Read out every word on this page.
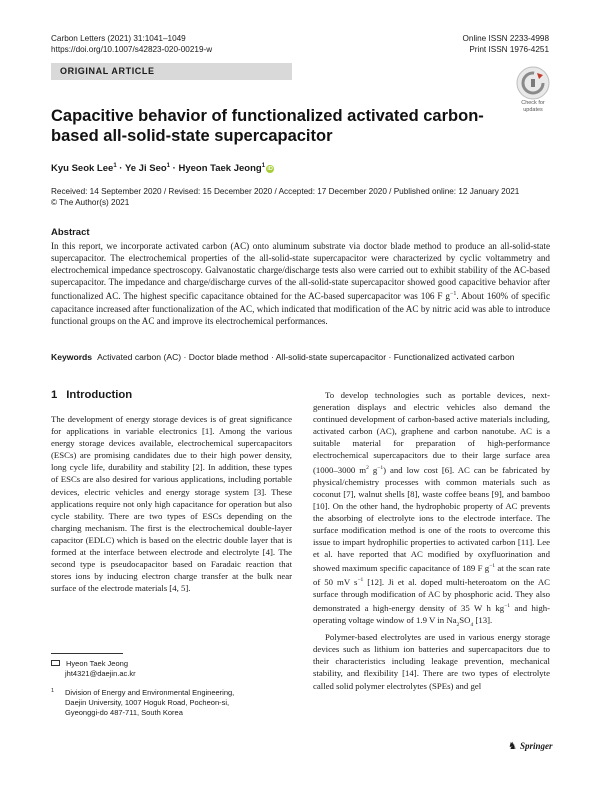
Carbon Letters (2021) 31:1041–1049
https://doi.org/10.1007/s42823-020-00219-w
Online ISSN 2233-4998
Print ISSN 1976-4251
ORIGINAL ARTICLE
Check for
updates
Capacitive behavior of functionalized activated carbon-based all-solid-state supercapacitor
Kyu Seok Lee$^1$ · Ye Ji Seo$^1$ · Hyeon Taek Jeong$^1$iD
Received: 14 September 2020 / Revised: 15 December 2020 / Accepted: 17 December 2020 / Published online: 12 January 2021
© The Author(s) 2021
Abstract

In this report, we incorporate activated carbon (AC) onto aluminum substrate via doctor blade method to produce an all-solid-state supercapacitor. The electrochemical properties of the all-solid-state supercapacitor were characterized by cyclic voltammetry and electrochemical impedance spectroscopy. Galvanostatic charge/discharge tests also were carried out to exhibit stability of the AC-based supercapacitor. The impedance and charge/discharge curves of the all-solid-state supercapacitor showed good capacitive behavior after functionalized AC. The highest specific capacitance obtained for the AC-based supercapacitor was 106 F $g^{-1}$. About 160% of specific capacitance increased after functionalization of the AC, which indicated that modification of the AC by nitric acid was able to introduce functional groups on the AC and improve its electrochemical performances.

Keywords Activated carbon (AC) · Doctor blade method · All-solid-state supercapacitor · Functionalized activated carbon
1 Introduction

The development of energy storage devices is of great significance for applications in variable electronics [1]. Among the various energy storage devices available, electrochemical supercapacitors (ESCs) are promising candidates due to their high power density, long cycle life, durability and stability [2]. In addition, these types of ESCs are also desired for various applications, including portable devices, electric vehicles and energy storage system [3]. These applications require not only high capacitance for operation but also cycle stability. There are two types of ESCs depending on the charging mechanism. The first is the electrochemical double-layer capacitor (EDLC) which is based on the electric double layer that is formed at the interface between electrode and electrolyte [4]. The second type is pseudocapacitor based on Faradaic reaction that stores ions by inducing electron charge transfer at the bulk near surface of the electrode materials [4, 5].

To develop technologies such as portable devices, next-generation displays and electric vehicles also demand the continued development of carbon-based active materials including, activated carbon (AC), graphene and carbon nanotube. AC is a suitable material for preparation of high-performance electrochemical supercapacitors due to their large surface area (1000–3000 $m^2$ $g^{-1}$) and low cost [6]. AC can be fabricated by physical/chemistry processes with common materials such as coconut [7], walnut shells [8], waste coffee beans [9], and bamboo [10]. On the other hand, the hydrophobic property of AC prevents the absorbing of electrolyte ions to the electrode interface. The surface modification method is one of the roots to overcome this issue to impart hydrophilic properties to activated carbon [11]. Lee et al. have reported that AC modified by oxyfluorination and showed maximum specific capacitance of 189 F $g^{-1}$ at the scan rate of 50 mV $s^{-1}$ [12]. Ji et al. doped multi-heteroatom on the AC surface through modification of AC by phosphoric acid. They also demonstrated a high-energy density of 35 W h $kg^{-1}$ and high-operating voltage window of 1.9 V in $Na_2SO_4$ [13].

Polymer-based electrolytes are used in various energy storage devices such as lithium ion batteries and supercapacitors due to their characteristics including leakage prevention, mechanical stability, and flexibility [14]. There are two types of electrolyte called solid polymer electrolytes (SPEs) and gel

Hyeon Taek Jeong
jht4321@daejin.ac.kr
1 Division of Energy and Environmental Engineering,
Daejin University, 1007 Hoguk Road, Pocheon-si,
Gyeonggi-do 487-711, South Korea
♞ Springer
